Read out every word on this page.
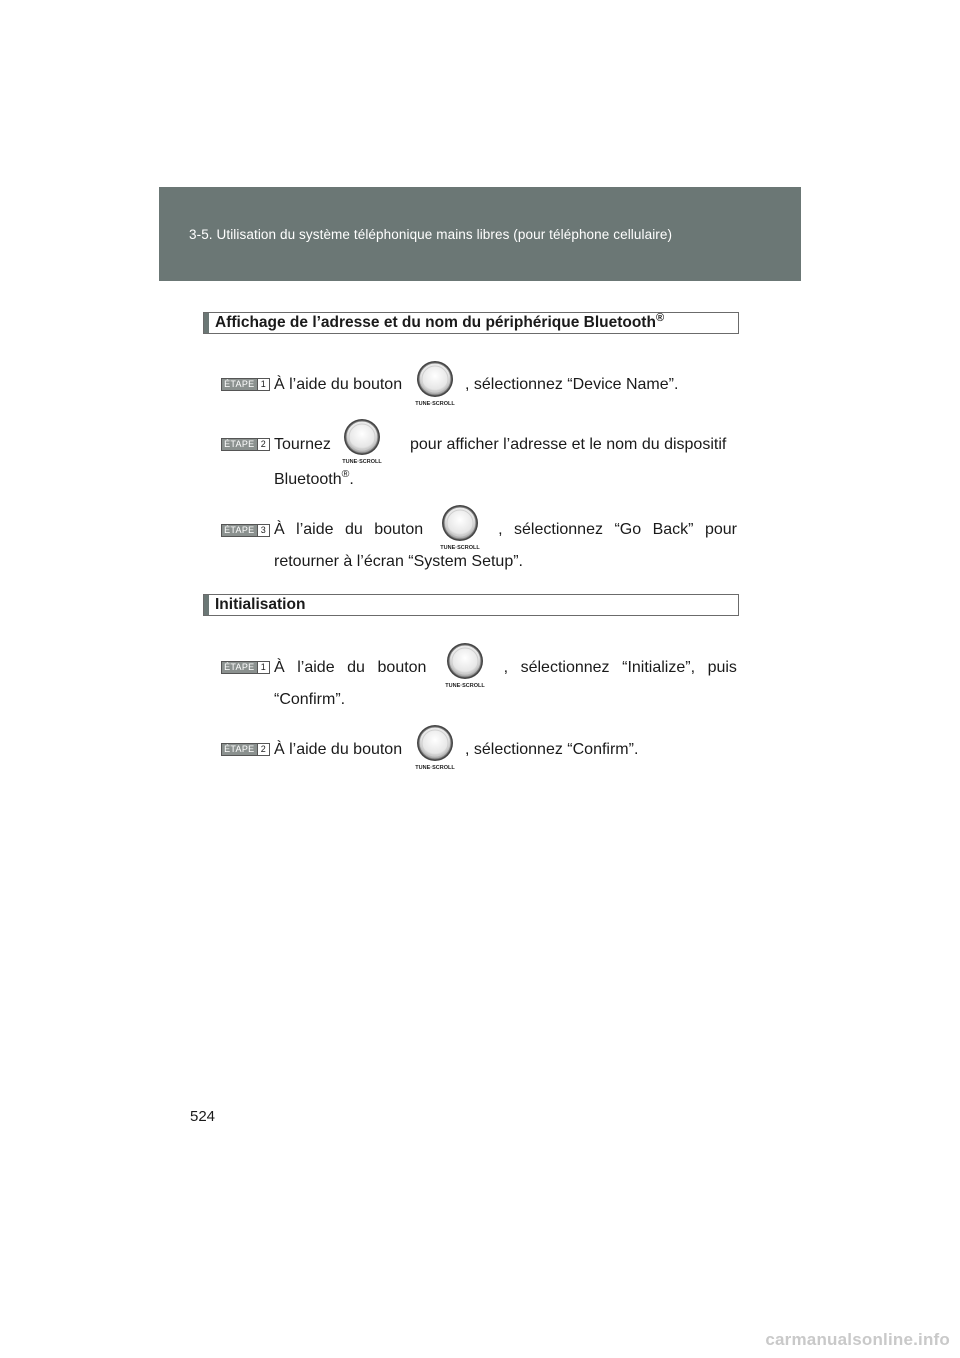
3-5. Utilisation du système téléphonique mains libres (pour téléphone cellulaire)
Affichage de l’adresse et du nom du périphérique Bluetooth®
ÉTAPE 1 À l’aide du bouton
TUNE·SCROLL
, sélectionnez “Device Name”.
ÉTAPE 2 Tournez
TUNE·SCROLL
pour afficher l’adresse et le nom du dispositif
Bluetooth®.
ÉTAPE 3 À l’aide du bouton	, sélectionnez “Go Back” pour
TUNE·SCROLL
retourner à l’écran “System Setup”.
Initialisation
ÉTAPE 1 À l’aide du bouton	, sélectionnez “Initialize”, puis
TUNE·SCROLL
“Confirm”.
ÉTAPE 2 À l’aide du bouton
TUNE·SCROLL
, sélectionnez “Confirm”.
524
carmanualsonline.info
